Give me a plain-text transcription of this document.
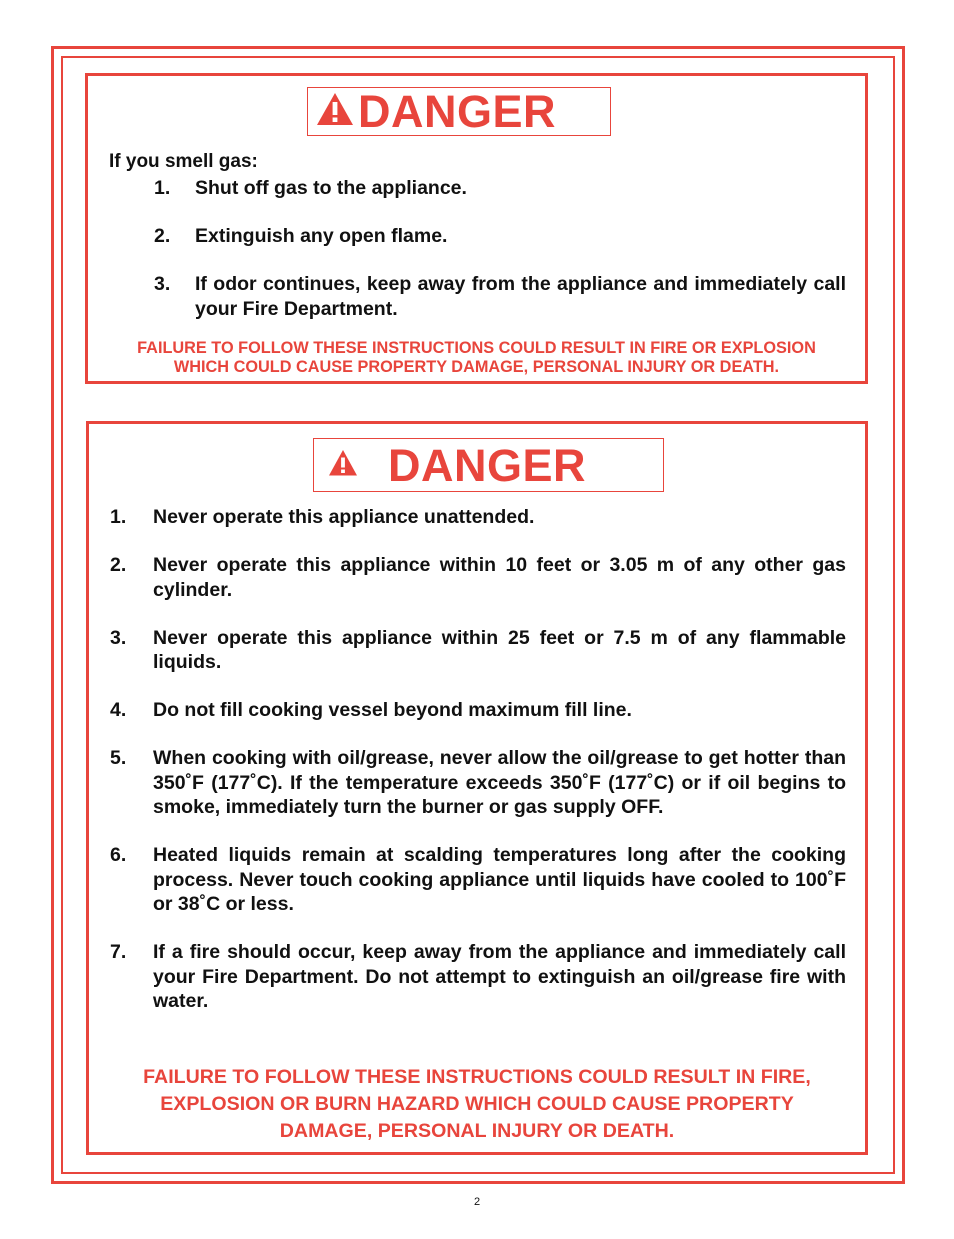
DANGER

If you smell gas:

1.	Shut off gas to the appliance.
2.	Extinguish any open flame.
3.	If odor continues, keep away from the appliance and immediately call your Fire Department.

FAILURE TO FOLLOW THESE INSTRUCTIONS COULD RESULT IN FIRE OR EXPLOSION
WHICH COULD CAUSE PROPERTY DAMAGE, PERSONAL INJURY OR DEATH.

DANGER
1.	Never operate this appliance unattended.
2.	Never operate this appliance within 10 feet or 3.05 m of any other gas cylinder.
3.	Never operate this appliance within 25 feet or 7.5 m of any flammable liquids.
4.	Do not fill cooking vessel beyond maximum fill line.
5.	When cooking with oil/grease, never allow the oil/grease to get hotter than 350˚F (177˚C). If the temperature exceeds 350˚F (177˚C) or if oil begins to smoke, immediately turn the burner or gas supply OFF.
6.	Heated liquids remain at scalding temperatures long after the cooking process. Never touch cooking appliance until liquids have cooled to 100˚F or 38˚C or less.
7.	If a fire should occur, keep away from the appliance and immediately call your Fire Department. Do not attempt to extinguish an oil/grease fire with water.

FAILURE TO FOLLOW THESE INSTRUCTIONS COULD RESULT IN FIRE,
EXPLOSION OR BURN HAZARD WHICH COULD CAUSE PROPERTY
DAMAGE, PERSONAL INJURY OR DEATH.

2
